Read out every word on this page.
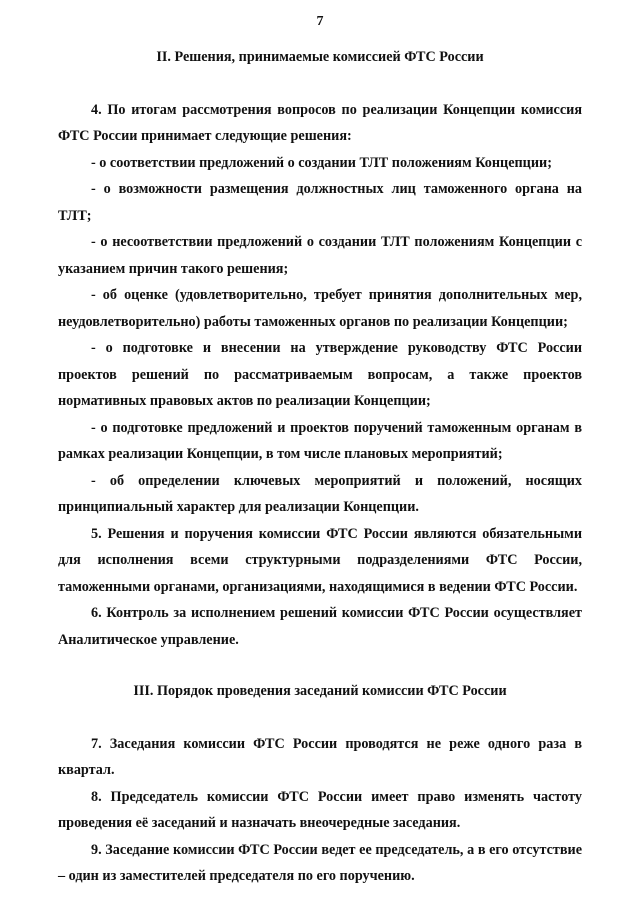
7

II. Решения, принимаемые комиссией ФТС России

4. По итогам рассмотрения вопросов по реализации Концепции комиссия ФТС России принимает следующие решения:

- о соответствии предложений о создании ТЛТ положениям Концепции;

- о возможности размещения должностных лиц таможенного органа на ТЛТ;

- о несоответствии предложений о создании ТЛТ положениям Концепции с указанием причин такого решения;

- об оценке (удовлетворительно, требует принятия дополнительных мер, неудовлетворительно) работы таможенных органов по реализации Концепции;

- о подготовке и внесении на утверждение руководству ФТС России проектов решений по рассматриваемым вопросам, а также проектов нормативных правовых актов по реализации Концепции;

- о подготовке предложений и проектов поручений таможенным органам в рамках реализации Концепции, в том числе плановых мероприятий;

- об определении ключевых мероприятий и положений, носящих принципиальный характер для реализации Концепции.

5. Решения и поручения комиссии ФТС России являются обязательными для исполнения всеми структурными подразделениями ФТС России, таможенными органами, организациями, находящимися в ведении ФТС России.

6. Контроль за исполнением решений комиссии ФТС России осуществляет Аналитическое управление.

III. Порядок проведения заседаний комиссии ФТС России

7. Заседания комиссии ФТС России проводятся не реже одного раза в квартал.

8. Председатель комиссии ФТС России имеет право изменять частоту проведения её заседаний и назначать внеочередные заседания.

9. Заседание комиссии ФТС России ведет ее председатель, а в его отсутствие – один из заместителей председателя по его поручению.
